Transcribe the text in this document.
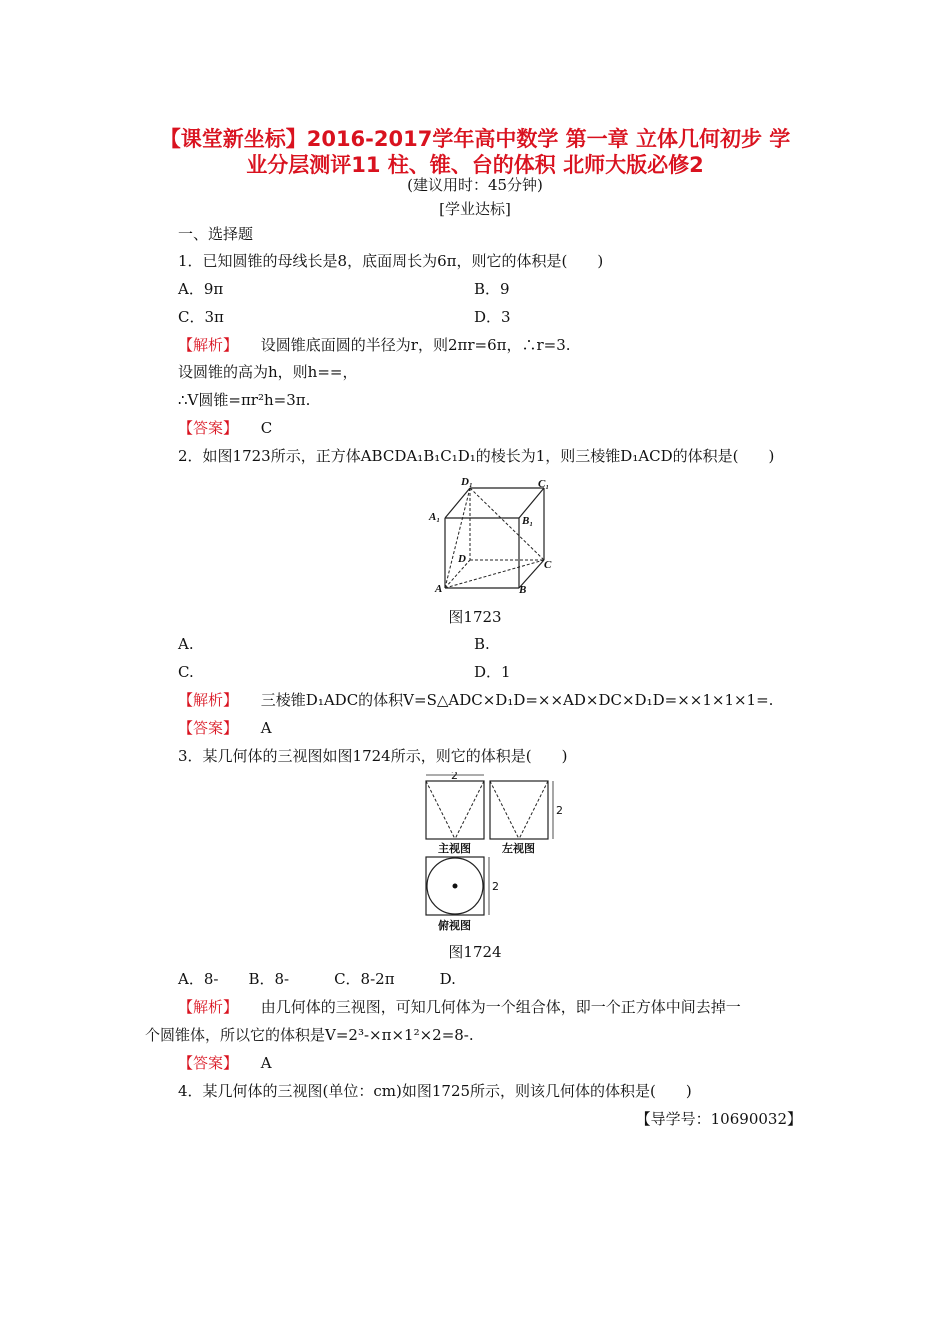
【课堂新坐标】2016-2017学年高中数学 第一章 立体几何初步 学
业分层测评11 柱、锥、台的体积 北师大版必修2
(建议用时：45分钟)
[学业达标]
一、选择题
1．已知圆锥的母线长是8，底面周长为6π，则它的体积是(　　)
A．9π	B．9
C．3π	D．3
【解析】 设圆锥底面圆的半径为r，则2πr=6π，∴r=3.
设圆锥的高为h，则h==，
∴V圆锥=πr²h=3π.
【答案】 C
2．如图1723所示，正方体ABCDA₁B₁C₁D₁的棱长为1，则三棱锥D₁ACD的体积是(　　)
D₁	C₁
A₁	B₁
D	C
A	B
图1723
A.	B.
C.	D．1
【解析】 三棱锥D₁ADC的体积V=S△ADC×D₁D=××AD×DC×D₁D=××1×1×1=.
【答案】 A
3．某几何体的三视图如图1724所示，则它的体积是(　　)
2
2
2
主视图	左视图
俯视图
图1724
A．8-　　B．8-　　　C．8-2π　　　D.
【解析】 由几何体的三视图，可知几何体为一个组合体，即一个正方体中间去掉一
个圆锥体，所以它的体积是V=2³-×π×1²×2=8-.
【答案】 A
4．某几何体的三视图(单位：cm)如图1725所示，则该几何体的体积是(　　)
【导学号：10690032】
